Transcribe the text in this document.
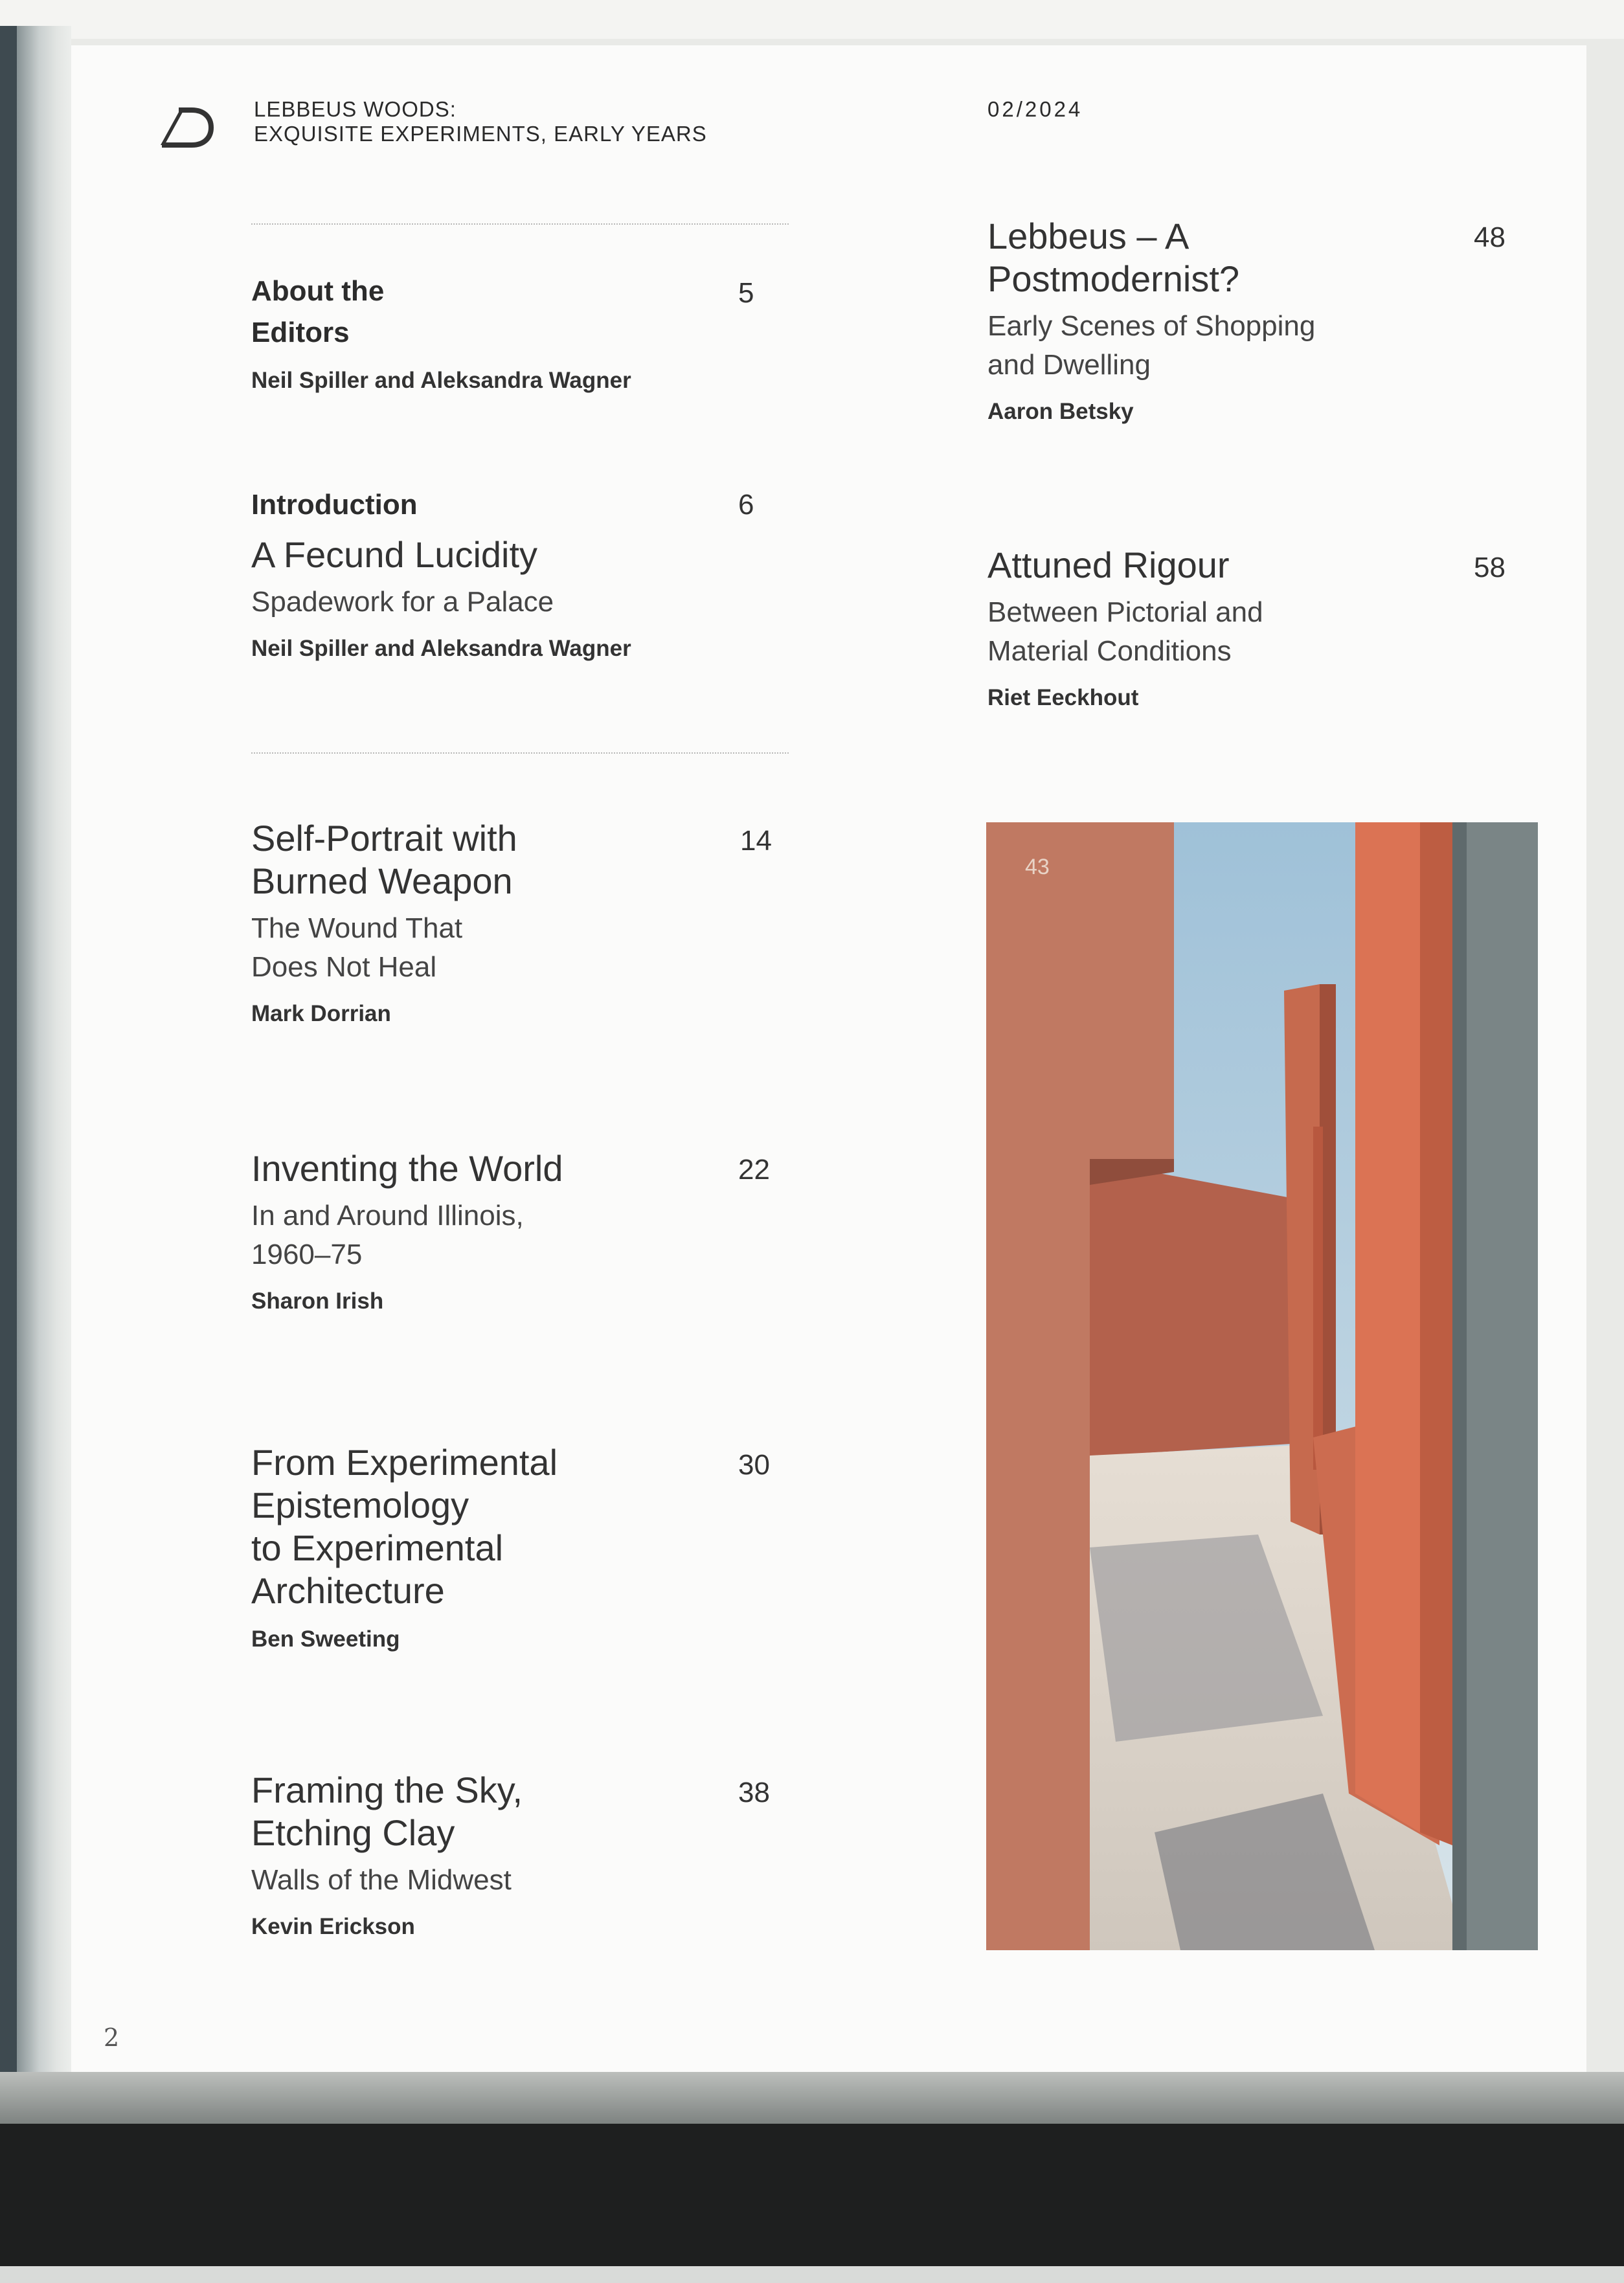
LEBBEUS WOODS:
EXQUISITE EXPERIMENTS, EARLY YEARS
02/2024

About the

Editors

Neil Spiller and Aleksandra Wagner

5

Introduction

A Fecund Lucidity

Spadework for a Palace

Neil Spiller and Aleksandra Wagner

6

Self-Portrait with

Burned Weapon

The Wound That

Does Not Heal

Mark Dorrian

14

Inventing the World

In and Around Illinois,

1960–75

Sharon Irish

22

From Experimental

Epistemology

to Experimental

Architecture

Ben Sweeting

30

Framing the Sky,

Etching Clay

Walls of the Midwest

Kevin Erickson

38

Lebbeus – A

Postmodernist?

Early Scenes of Shopping

and Dwelling

Aaron Betsky

48

Attuned Rigour

Between Pictorial and

Material Conditions

Riet Eeckhout

58
43
2
